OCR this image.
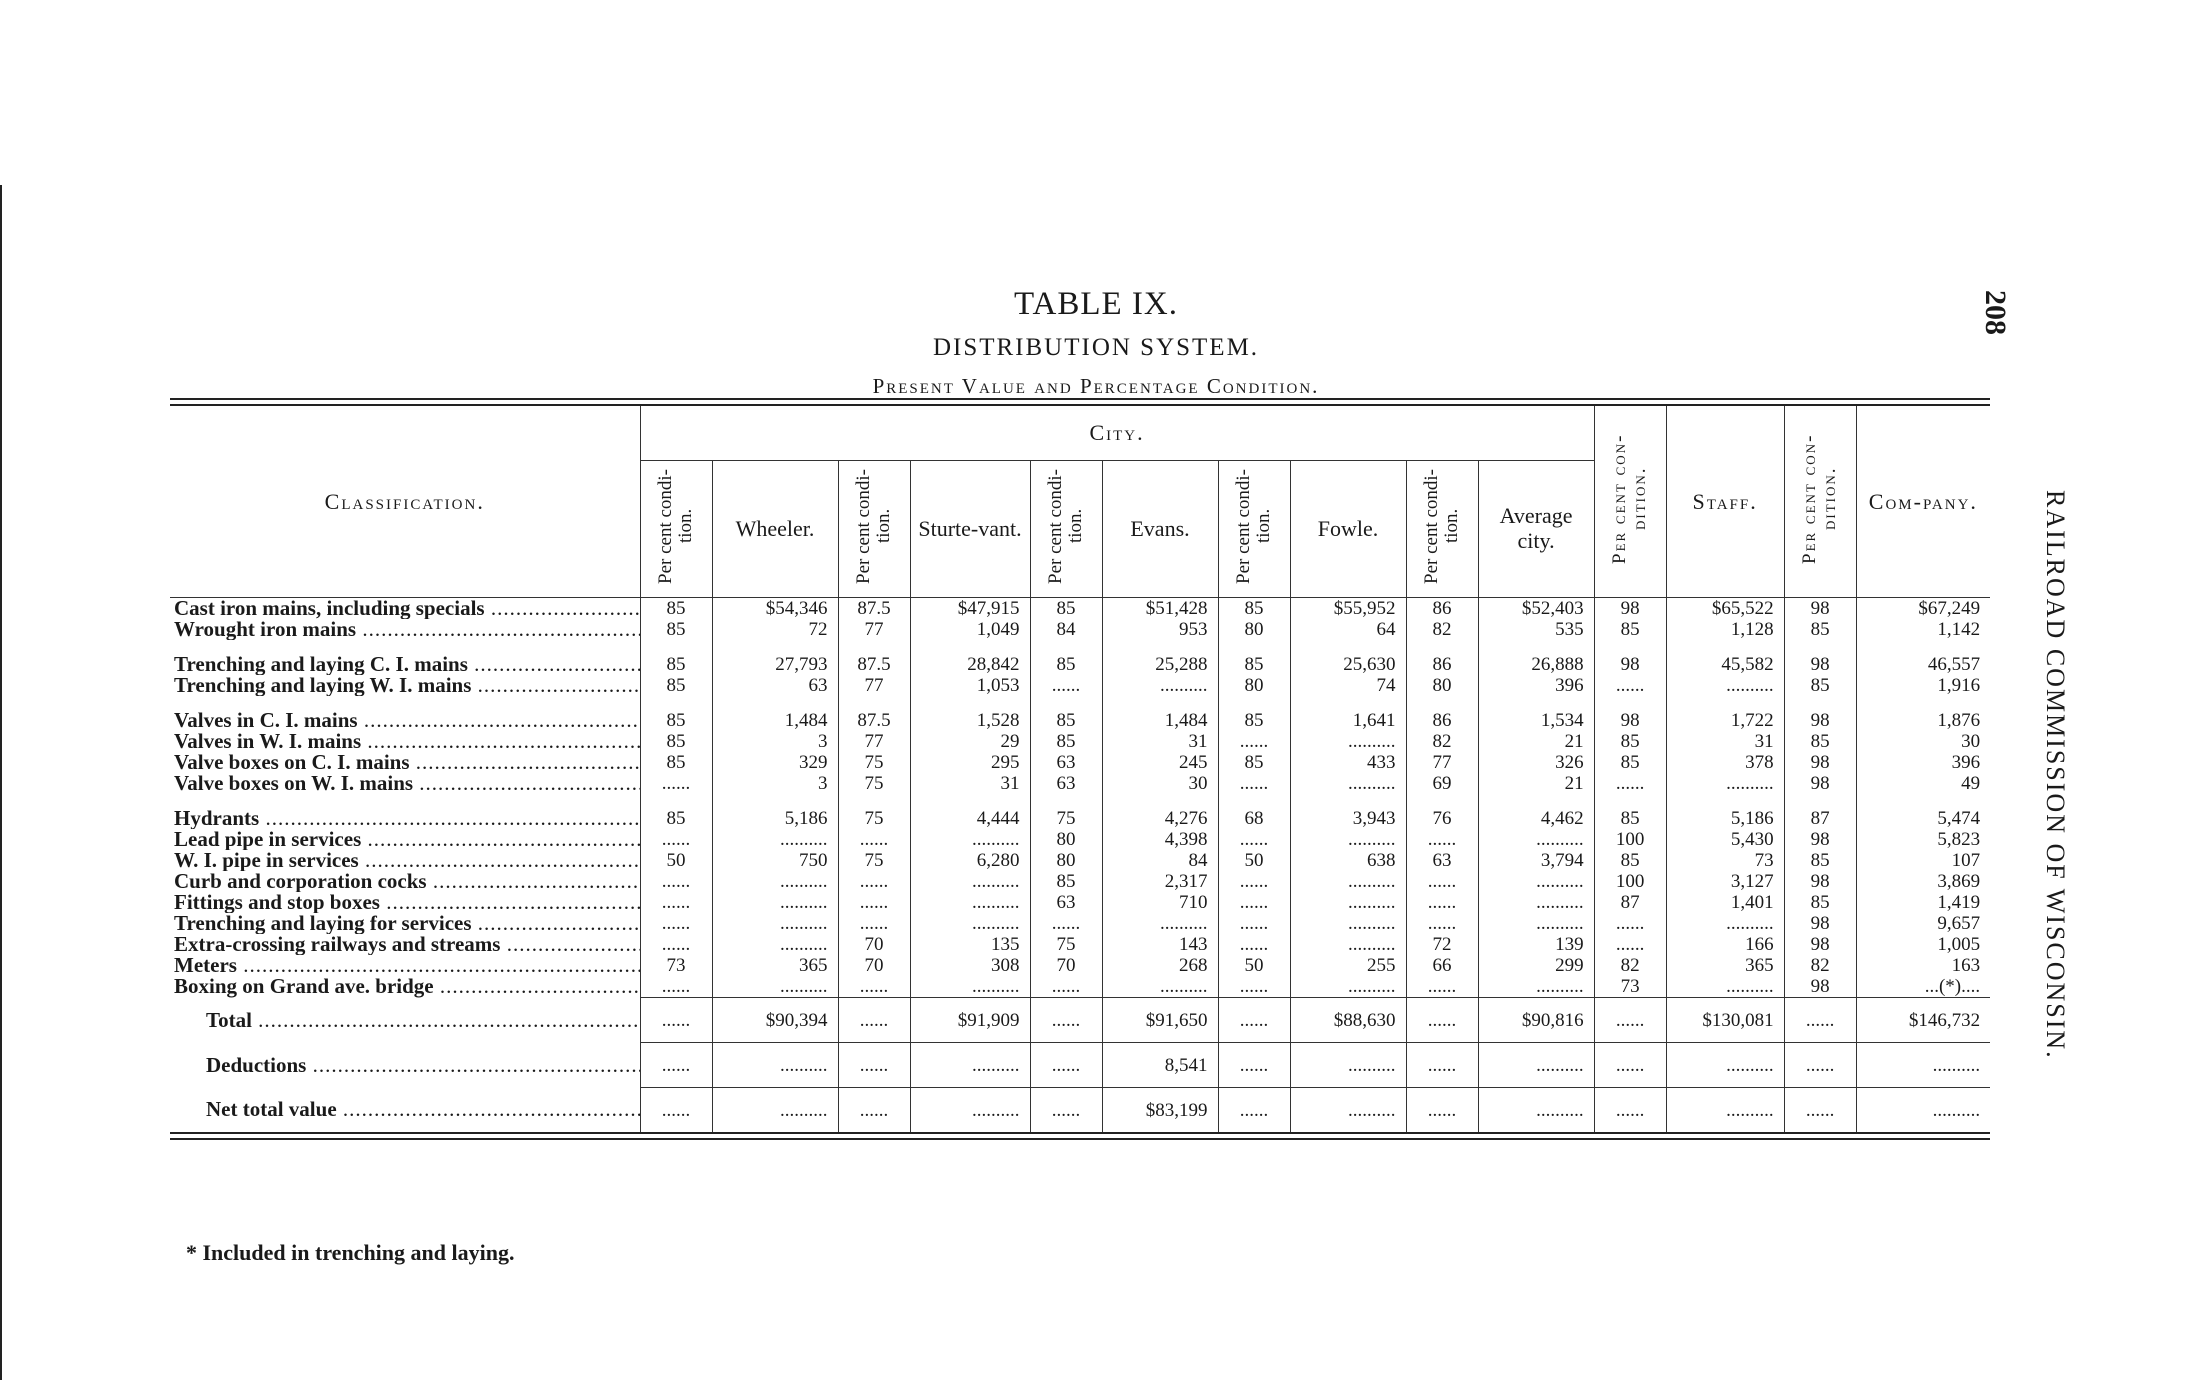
208
RAILROAD COMMISSION OF WISCONSIN.
TABLE IX.
DISTRIBUTION SYSTEM.
Present Value and Percentage Condition.
Classification.	City.										Per cent con-dition.	Staff.	Per cent con-dition.	Com-pany.
	Per cent condi-tion.	Wheeler.	Per cent condi-tion.	Sturte-vant.	Per cent condi-tion.	Evans.	Per cent condi-tion.	Fowle.	Per cent condi-tion.	Average city.				
Cast iron mains, including specials .....	85	$54,346	87.5	$47,915	85	$51,428	85	$55,952	86	$52,403	98	$65,522	98	$67,249
Wrought iron mains .....	85	72	77	1,049	84	953	80	64	82	535	85	1,128	85	1,142

Trenching and laying C. I. mains .....	85	27,793	87.5	28,842	85	25,288	85	25,630	86	26,888	98	45,582	98	46,557
Trenching and laying W. I. mains .....	85	63	77	1,053	......	..........	80	74	80	396	......	..........	85	1,916

Valves in C. I. mains .....	85	1,484	87.5	1,528	85	1,484	85	1,641	86	1,534	98	1,722	98	1,876
Valves in W. I. mains .....	85	3	77	29	85	31	......	..........	82	21	85	31	85	30
Valve boxes on C. I. mains .....	85	329	75	295	63	245	85	433	77	326	85	378	98	396
Valve boxes on W. I. mains .....	......	3	75	31	63	30	......	..........	69	21	......	..........	98	49

Hydrants .....	85	5,186	75	4,444	75	4,276	68	3,943	76	4,462	85	5,186	87	5,474
Lead pipe in services .....	......	..........	......	..........	80	4,398	......	..........	......	..........	100	5,430	98	5,823
W. I. pipe in services .....	50	750	75	6,280	80	84	50	638	63	3,794	85	73	85	107
Curb and corporation cocks .....	......	..........	......	..........	85	2,317	......	..........	......	..........	100	3,127	98	3,869
Fittings and stop boxes .....	......	..........	......	..........	63	710	......	..........	......	..........	87	1,401	85	1,419
Trenching and laying for services .....	......	..........	......	..........	......	..........	......	..........	......	..........	......	..........	98	9,657
Extra-crossing railways and streams .....	......	..........	70	135	75	143	......	..........	72	139	......	166	98	1,005
Meters .....	73	365	70	308	70	268	50	255	66	299	82	365	82	163
Boxing on Grand ave. bridge .....	......	..........	......	..........	......	..........	......	..........	......	..........	73	..........	98	...(*)....
Total .....	......	$90,394	......	$91,909	......	$91,650	......	$88,630	......	$90,816	......	$130,081	......	$146,732
Deductions .....	......	..........	......	..........	......	8,541	......	..........	......	..........	......	..........	......	..........
Net total value .....	......	..........	......	..........	......	$83,199	......	..........	......	..........	......	..........	......	..........
* Included in trenching and laying.
